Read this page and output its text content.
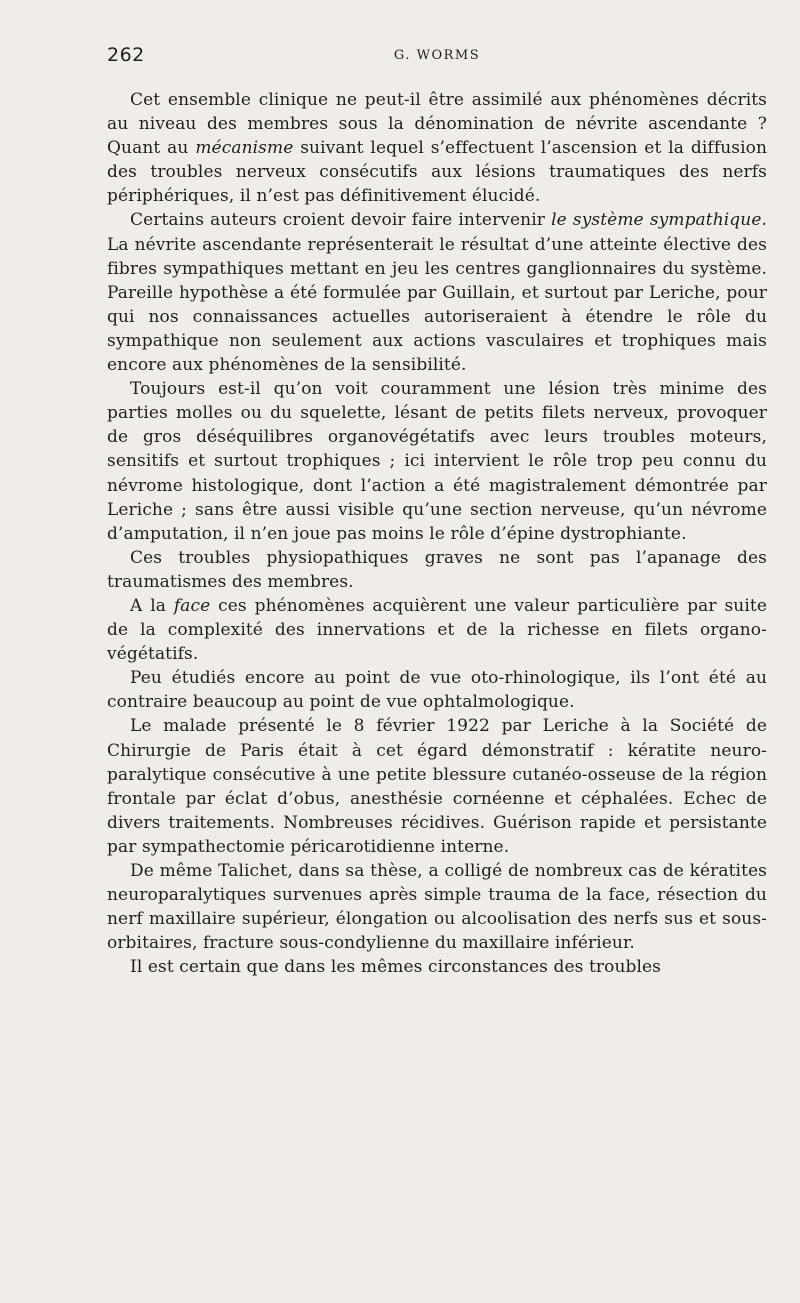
262	G. WORMS

Cet ensemble clinique ne peut-il être assimilé aux phénomènes décrits au niveau des membres sous la dénomination de névrite ascendante ? Quant au mécanisme suivant lequel s’effectuent l’ascension et la diffusion des troubles nerveux consécutifs aux lésions traumatiques des nerfs périphériques, il n’est pas définitivement élucidé.

Certains auteurs croient devoir faire intervenir le système sympathique. La névrite ascendante représenterait le résultat d’une atteinte élective des fibres sympathiques mettant en jeu les centres ganglionnaires du système. Pareille hypothèse a été formulée par Guillain, et surtout par Leriche, pour qui nos connaissances actuelles autoriseraient à étendre le rôle du sympathique non seulement aux actions vasculaires et trophiques mais encore aux phénomènes de la sensibilité.

Toujours est-il qu’on voit couramment une lésion très minime des parties molles ou du squelette, lésant de petits filets nerveux, provoquer de gros déséquilibres organovégétatifs avec leurs troubles moteurs, sensitifs et surtout trophiques ; ici intervient le rôle trop peu connu du névrome histologique, dont l’action a été magistralement démontrée par Leriche ; sans être aussi visible qu’une section nerveuse, qu’un névrome d’amputation, il n’en joue pas moins le rôle d’épine dystrophiante.

Ces troubles physiopathiques graves ne sont pas l’apanage des traumatismes des membres.

A la face ces phénomènes acquièrent une valeur particulière par suite de la complexité des innervations et de la richesse en filets organo-végétatifs.

Peu étudiés encore au point de vue oto-rhinologique, ils l’ont été au contraire beaucoup au point de vue ophtalmologique.

Le malade présenté le 8 février 1922 par Leriche à la Société de Chirurgie de Paris était à cet égard démonstratif : kératite neuro-paralytique consécutive à une petite blessure cutanéo-osseuse de la région frontale par éclat d’obus, anesthésie cornéenne et céphalées. Echec de divers traitements. Nombreuses récidives. Guérison rapide et persistante par sympathectomie péricarotidienne interne.

De même Talichet, dans sa thèse, a colligé de nombreux cas de kératites neuroparalytiques survenues après simple trauma de la face, résection du nerf maxillaire supérieur, élongation ou alcoolisation des nerfs sus et sous-orbitaires, fracture sous-condylienne du maxillaire inférieur.

Il est certain que dans les mêmes circonstances des troubles
